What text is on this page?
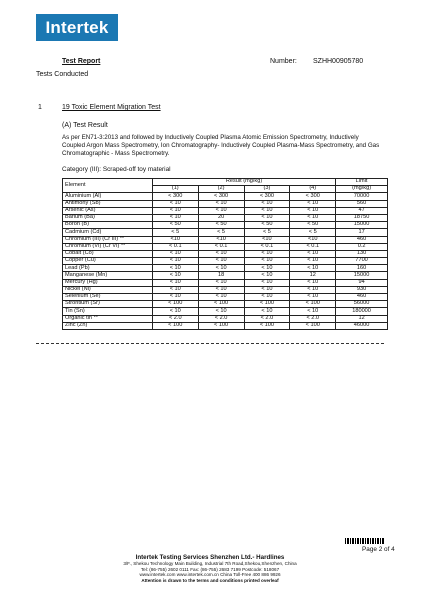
Intertek
Test Report	Number: SZHH00905780
Tests Conducted
1	19 Toxic Element Migration Test
(A) Test Result
As per EN71-3:2013 and followed by Inductively Coupled Plasma Atomic Emission Spectrometry, Inductively Coupled Argon Mass Spectrometry, Ion Chromatography- Inductively Coupled Plasma-Mass Spectrometry, and Gas Chromatographic - Mass Spectrometry.
Category (III): Scraped-off toy material
Element	Result (mg/kg)				Limit
	(1)	(2)	(3)	(4)	(mg/kg)
Aluminium (Al)	< 300	< 300	< 300	< 300	70000
Antimony (Sb)	< 10	< 10	< 10	< 10	560
Arsenic (As)	< 10	< 10	< 10	< 10	47
Barium (Ba)	< 10	20	< 10	< 10	18750
Boron (B)	< 50	< 50	< 50	< 50	15000
Cadmium (Cd)	< 5	< 5	< 5	< 5	17
Chromium (III) (Cr III) **	<10	<10	<10	<10	460
Chromium (VI) (Cr VI) **	< 0.1	< 0.1	< 0.1	< 0.1	0.2
Cobalt (Co)	< 10	< 10	< 10	< 10	130
Copper (Cu)	< 10	< 10	< 10	< 10	7700
Lead (Pb)	< 10	< 10	< 10	< 10	160
Manganese (Mn)	< 10	18	< 10	12	15000
Mercury (Hg)	< 10	< 10	< 10	< 10	94
Nickel (Ni)	< 10	< 10	< 10	< 10	930
Selenium (Se)	< 10	< 10	< 10	< 10	460
Strontium (Sr)	< 100	< 100	< 100	< 100	56000
Tin (Sn)	< 10	< 10	< 10	< 10	180000
Organic tin **	< 2.0	< 2.0	< 2.0	< 2.0	12
Zinc (Zn)	< 100	< 100	< 100	< 100	46000
Page 2 of 4
Intertek Testing Services Shenzhen Ltd.- Hardlines
3/F., Shekou Technology Main Building, Industrial 7th Road,Shekou,Shenzhen, China
Tel: (86-755) 2602 0111 Fax: (86-755) 2683 7199 Postcode: 518067
www.intertek.com www.intertek.com.cn China Toll-Free 400 886 9926
Attention is drawn to the terms and conditions printed overleaf
